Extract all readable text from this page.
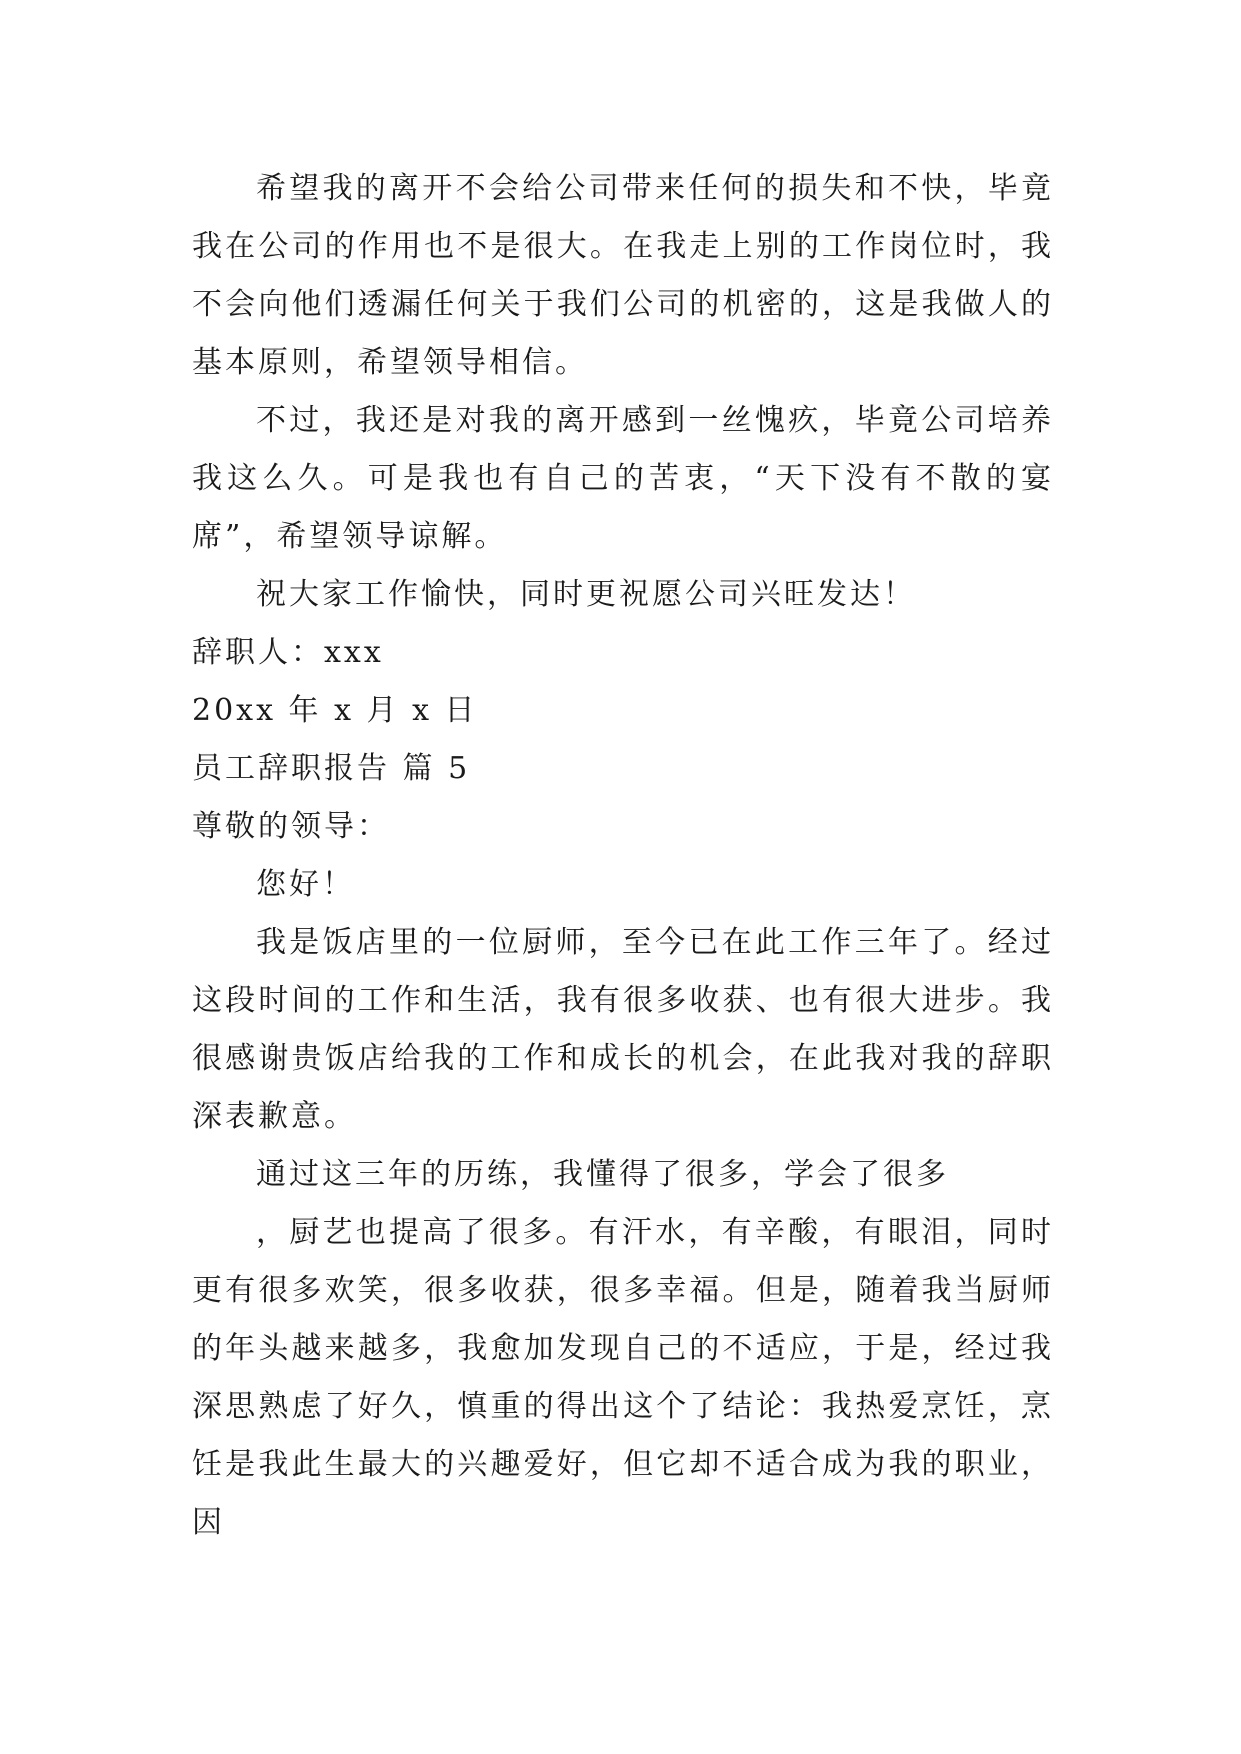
希望我的离开不会给公司带来任何的损失和不快，毕竟
我在公司的作用也不是很大。在我走上别的工作岗位时，我
不会向他们透漏任何关于我们公司的机密的，这是我做人的
基本原则，希望领导相信。
不过，我还是对我的离开感到一丝愧疚，毕竟公司培养
我这么久。可是我也有自己的苦衷，“天下没有不散的宴
席”，希望领导谅解。
祝大家工作愉快，同时更祝愿公司兴旺发达！
辞职人：xxx
20xx 年 x 月 x 日
员工辞职报告 篇 5
尊敬的领导：
您好！
我是饭店里的一位厨师，至今已在此工作三年了。经过
这段时间的工作和生活，我有很多收获、也有很大进步。我
很感谢贵饭店给我的工作和成长的机会，在此我对我的辞职
深表歉意。
通过这三年的历练，我懂得了很多，学会了很多
，厨艺也提高了很多。有汗水，有辛酸，有眼泪，同时
更有很多欢笑，很多收获，很多幸福。但是，随着我当厨师
的年头越来越多，我愈加发现自己的不适应，于是，经过我
深思熟虑了好久，慎重的得出这个了结论：我热爱烹饪，烹
饪是我此生最大的兴趣爱好，但它却不适合成为我的职业，
因
